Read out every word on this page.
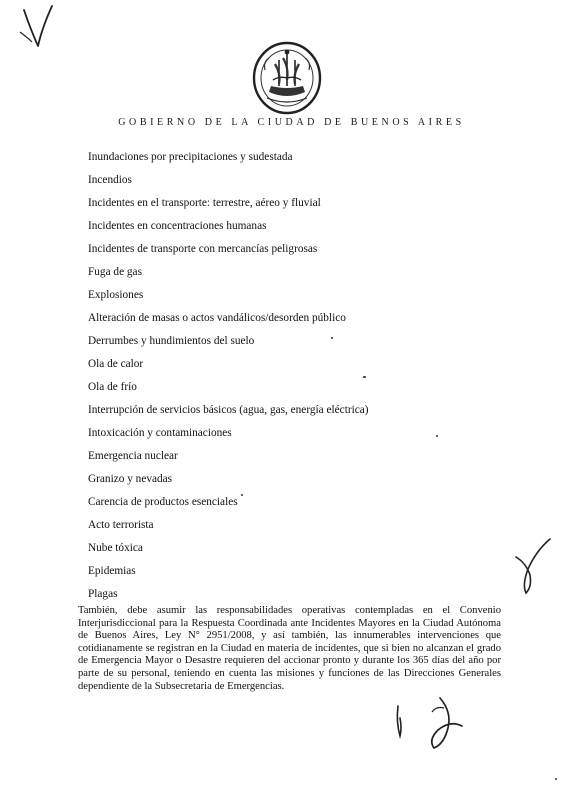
GOBIERNO DE LA CIUDAD DE BUENOS AIRES
Inundaciones por precipitaciones y sudestada
Incendios
Incidentes en el transporte: terrestre, aéreo y fluvial
Incidentes en concentraciones humanas
Incidentes de transporte con mercancías peligrosas
Fuga de gas
Explosiones
Alteración de masas o actos vandálicos/desorden público
Derrumbes y hundimientos del suelo
Ola de calor
Ola de frío
Interrupción de servicios básicos (agua, gas, energía eléctrica)
Intoxicación y contaminaciones
Emergencia nuclear
Granizo y nevadas
Carencia de productos esenciales
Acto terrorista
Nube tóxica
Epidemias
Plagas

También, debe asumir las responsabilidades operativas contempladas en el Convenio Interjurisdiccional para la Respuesta Coordinada ante Incidentes Mayores en la Ciudad Autónoma de Buenos Aires, Ley N° 2951/2008, y así también, las innumerables intervenciones que cotidianamente se registran en la Ciudad en materia de incidentes, que si bien no alcanzan el grado de Emergencia Mayor o Desastre requieren del accionar pronto y durante los 365 días del año por parte de su personal, teniendo en cuenta las misiones y funciones de las Direcciones Generales dependiente de la Subsecretaria de Emergencias.
